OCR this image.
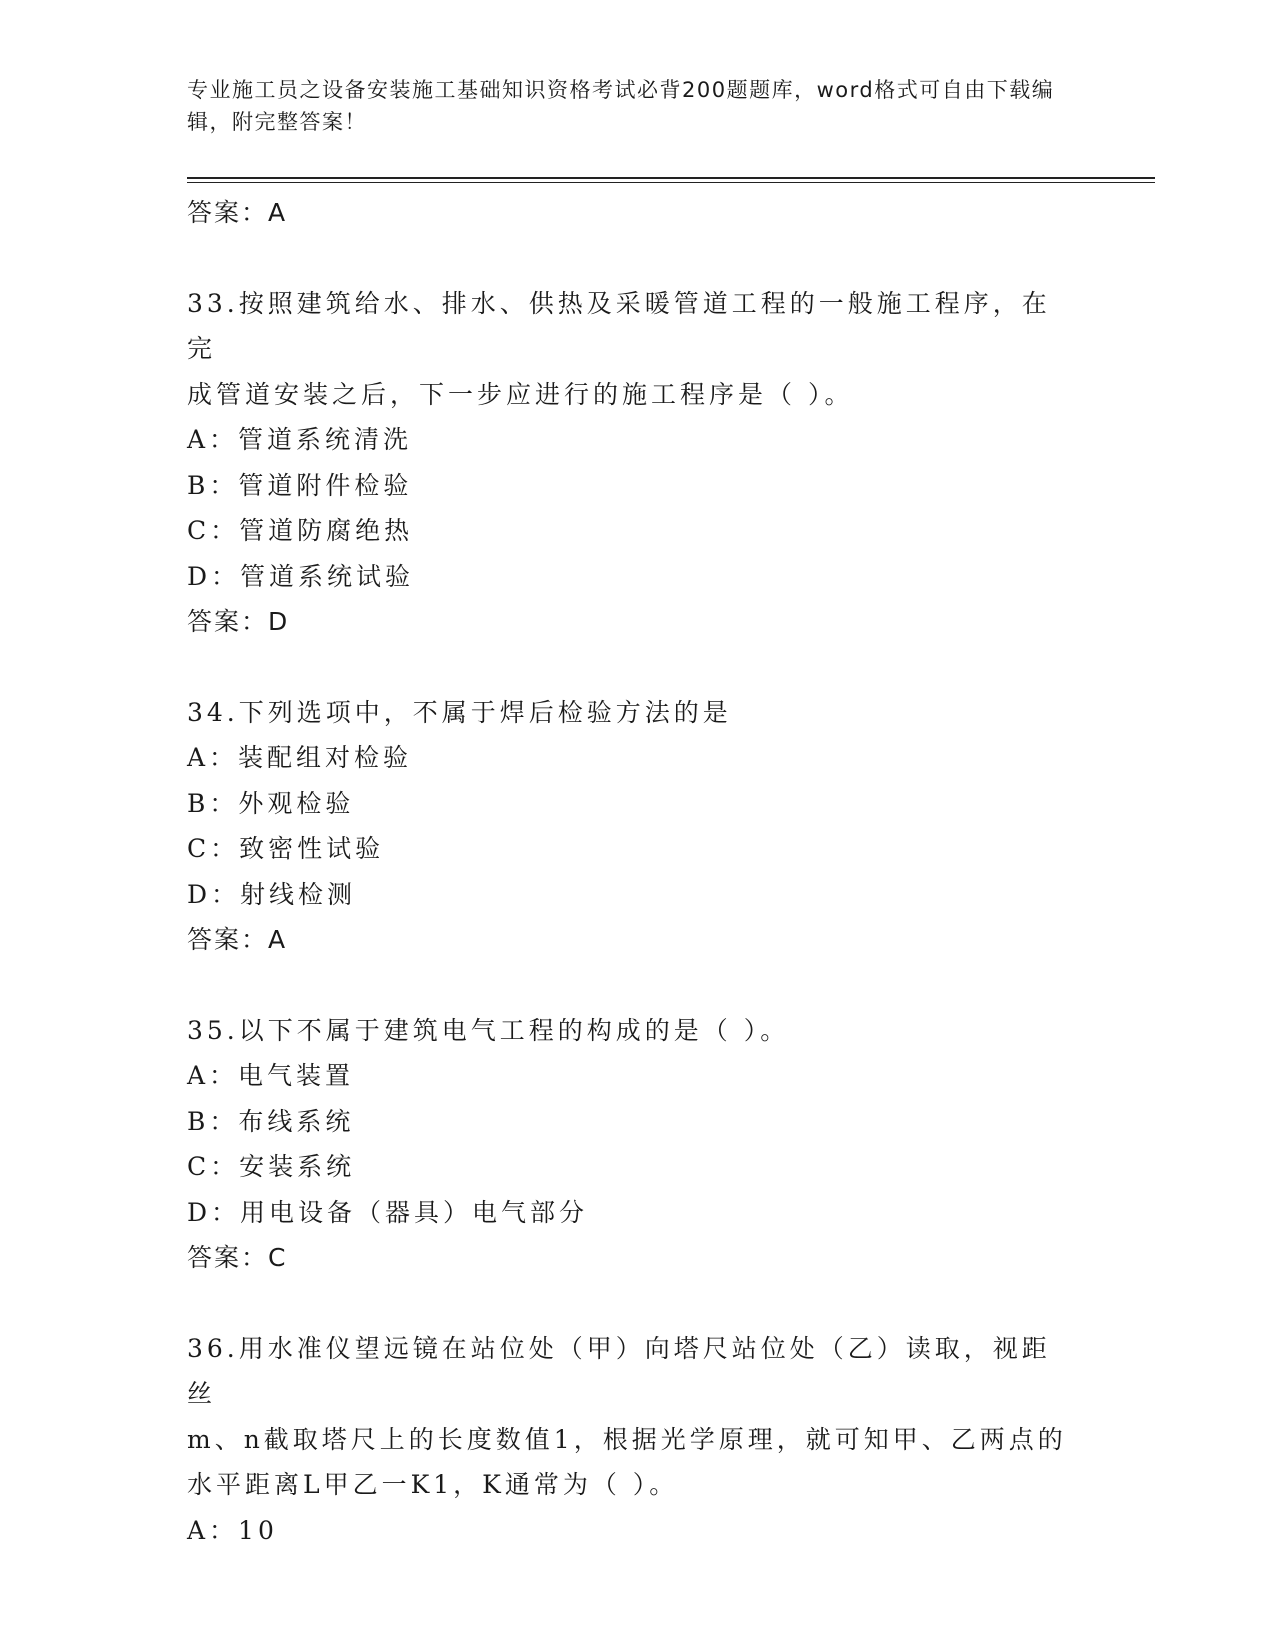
专业施工员之设备安装施工基础知识资格考试必背200题题库，word格式可自由下载编辑，附完整答案！
答案：A
33.按照建筑给水、排水、供热及采暖管道工程的一般施工程序，在完
成管道安装之后，下一步应进行的施工程序是（ ）。
A：管道系统清洗
B：管道附件检验
C：管道防腐绝热
D：管道系统试验
答案：D
34.下列选项中，不属于焊后检验方法的是
A：装配组对检验
B：外观检验
C：致密性试验
D：射线检测
答案：A
35.以下不属于建筑电气工程的构成的是（ ）。
A：电气装置
B：布线系统
C：安装系统
D：用电设备（器具）电气部分
答案：C
36.用水准仪望远镜在站位处（甲）向塔尺站位处（乙）读取，视距丝
m、n截取塔尺上的长度数值1，根据光学原理，就可知甲、乙两点的
水平距离L甲乙一K1，K通常为（ ）。
A：10
